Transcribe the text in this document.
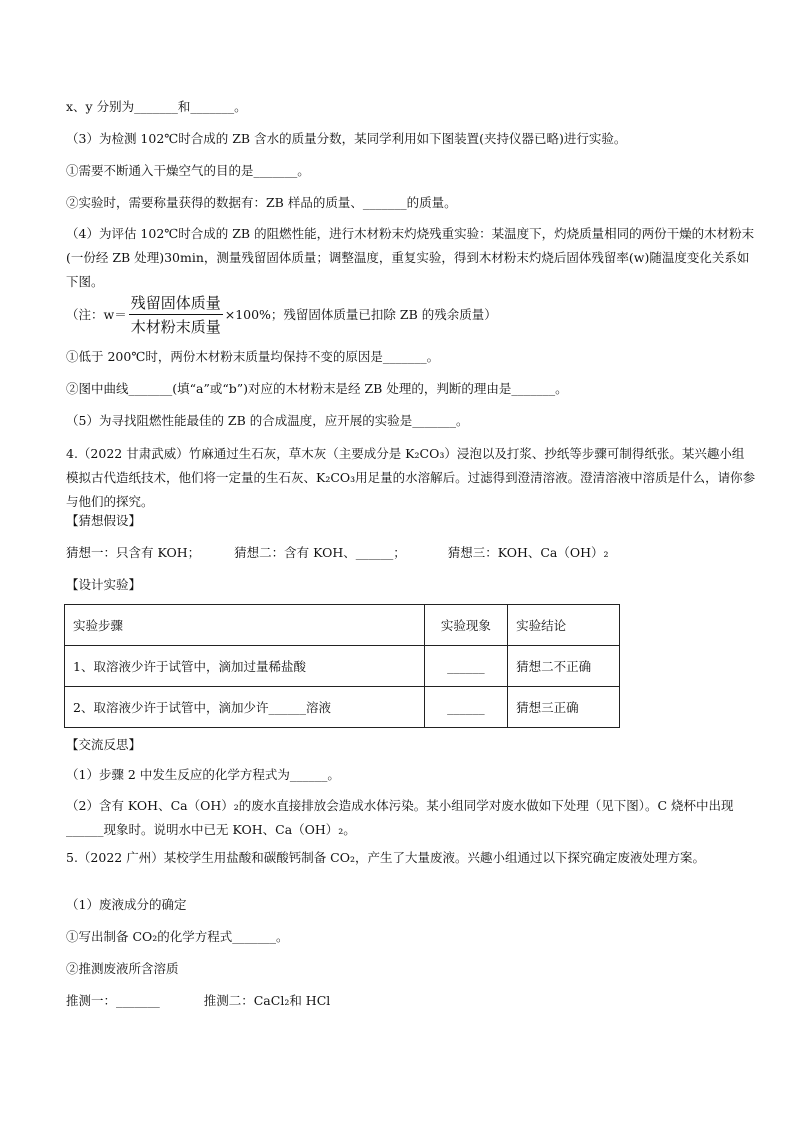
x、y 分别为_______和_______。
（3）为检测 102℃时合成的 ZB 含水的质量分数，某同学利用如下图装置(夹持仪器已略)进行实验。
①需要不断通入干燥空气的目的是_______。
②实验时，需要称量获得的数据有：ZB 样品的质量、_______的质量。
（4）为评估 102℃时合成的 ZB 的阻燃性能，进行木材粉末灼烧残重实验：某温度下，灼烧质量相同的两份干燥的木材粉末(一份经 ZB 处理)30min，测量残留固体质量；调整温度，重复实验，得到木材粉末灼烧后固体残留率(w)随温度变化关系如下图。
（注：$w= \frac{\text{残留固体质量}}{\text{木材粉末质量}} \times 100\%$；残留固体质量已扣除 ZB 的残余质量）
①低于 200℃时，两份木材粉末质量均保持不变的原因是_______。
②图中曲线_______(填“a”或“b”)对应的木材粉末是经 ZB 处理的，判断的理由是_______。
（5）为寻找阻燃性能最佳的 ZB 的合成温度，应开展的实验是_______。
4.（2022 甘肃武威）竹麻通过生石灰，草木灰（主要成分是 K₂CO₃）浸泡以及打浆、抄纸等步骤可制得纸张。某兴趣小组模拟古代造纸技术，他们将一定量的生石灰、K₂CO₃用足量的水溶解后。过滤得到澄清溶液。澄清溶液中溶质是什么，请你参与他们的探究。
【猜想假设】
猜想一：只含有 KOH；	猜想二：含有 KOH、______；	猜想三：KOH、Ca（OH）₂
【设计实验】
实验步骤	实验现象	实验结论
1、取溶液少许于试管中，滴加过量稀盐酸	______	猜想二不正确
2、取溶液少许于试管中，滴加少许______溶液	______	猜想三正确
【交流反思】
（1）步骤 2 中发生反应的化学方程式为______。
（2）含有 KOH、Ca（OH）₂的废水直接排放会造成水体污染。某小组同学对废水做如下处理（见下图）。C 烧杯中出现______现象时。说明水中已无 KOH、Ca（OH）₂。
5.（2022 广州）某校学生用盐酸和碳酸钙制备 CO₂，产生了大量废液。兴趣小组通过以下探究确定废液处理方案。
（1）废液成分的确定
①写出制备 CO₂的化学方程式_______。
②推测废液所含溶质
推测一：_______	推测二：CaCl₂和 HCl
